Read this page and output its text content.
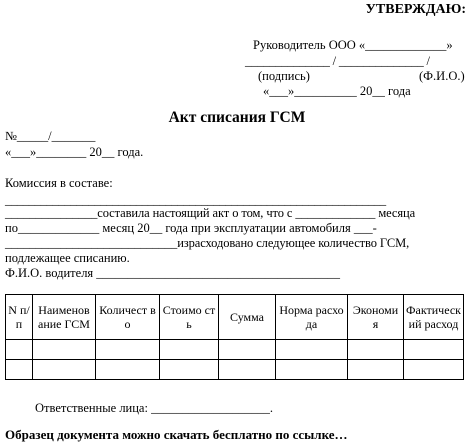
УТВЕРЖДАЮ:
Руководитель ООО «_____________»
______________ / ______________ /
(подпись)	(Ф.И.О.)
«___»__________ 20__ года
Акт списания ГСМ
№_____/_______
«___»________ 20__ года.
Комиссия в составе:
________________________________________________________________
_______________составила настоящий акт о том, что с _____________ месяца
по_____________ месяц 20__ года при эксплуатации автомобиля ___-
____________________________израсходовано следующее количество ГСМ,
подлежащее списанию.
Ф.И.О. водителя _______________________________________
N п/п	Наименов ание ГСМ	Количест во	Стоимо сть	Сумма	Норма расхода	Экономи я	Фактическ ий расход

Ответственные лица: ___________________.
Образец документа можно скачать бесплатно по ссылке…
